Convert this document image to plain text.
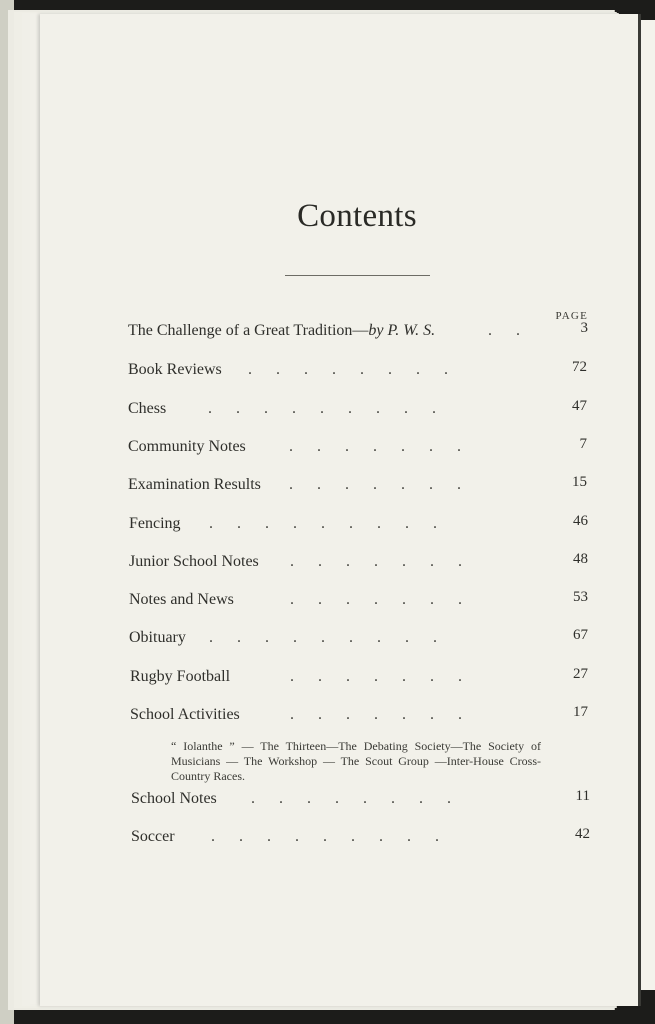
Contents
PAGE
The Challenge of a Great Tradition—by P. W. S.	.      .	3
Book Reviews .      .      .      .      .      .      .      .	72
Chess	.      .      .      .      .      .      .      .      .	47
Community Notes	.      .      .      .      .      .      .	7
Examination Results .      .      .      .      .      .      .	15
Fencing .      .      .      .      .      .      .      .      .	46
Junior School Notes .      .      .      .      .      .      .	48
Notes and News	.      .      .      .      .      .      .	53
Obituary .      .      .      .      .      .      .      .      .	67
Rugby Football	.      .      .      .      .      .      .	27
School Activities	.      .      .      .      .      .      .	17
“ Iolanthe ” — The Thirteen—The Debating Society—The Society of Musicians — The Workshop — The Scout Group —Inter-House Cross-Country Races.
School Notes .      .      .      .      .      .      .      .	11
Soccer .      .      .      .      .      .      .      .      .	42
